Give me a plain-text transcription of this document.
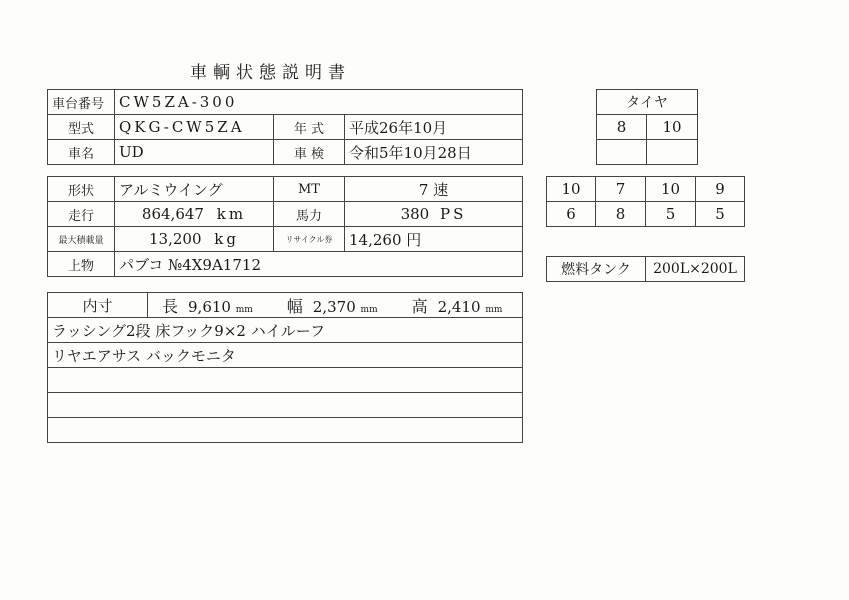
車輌状態説明書
車台番号	CW5ZA-300		
型式	QKG-CW5ZA	年 式	平成26年10月
車名	UD	車 検	令和5年10月28日
形状	アルミウイング	MT	7 速
走行	864,647 km	馬力	380 PS
最大積載量	13,200 kg	リサイクル券	14,260 円
上物	パブコ №4X9A1712		
内寸	長 9,610 mm 幅 2,370 mm 高 2,410 mm
ラッシング2段 床フック9×2 ハイルーフ
リヤエアサス バックモニタ

タイヤ	
8	10

10	7	10	9
6	8	5	5
燃料タンク	200L×200L
